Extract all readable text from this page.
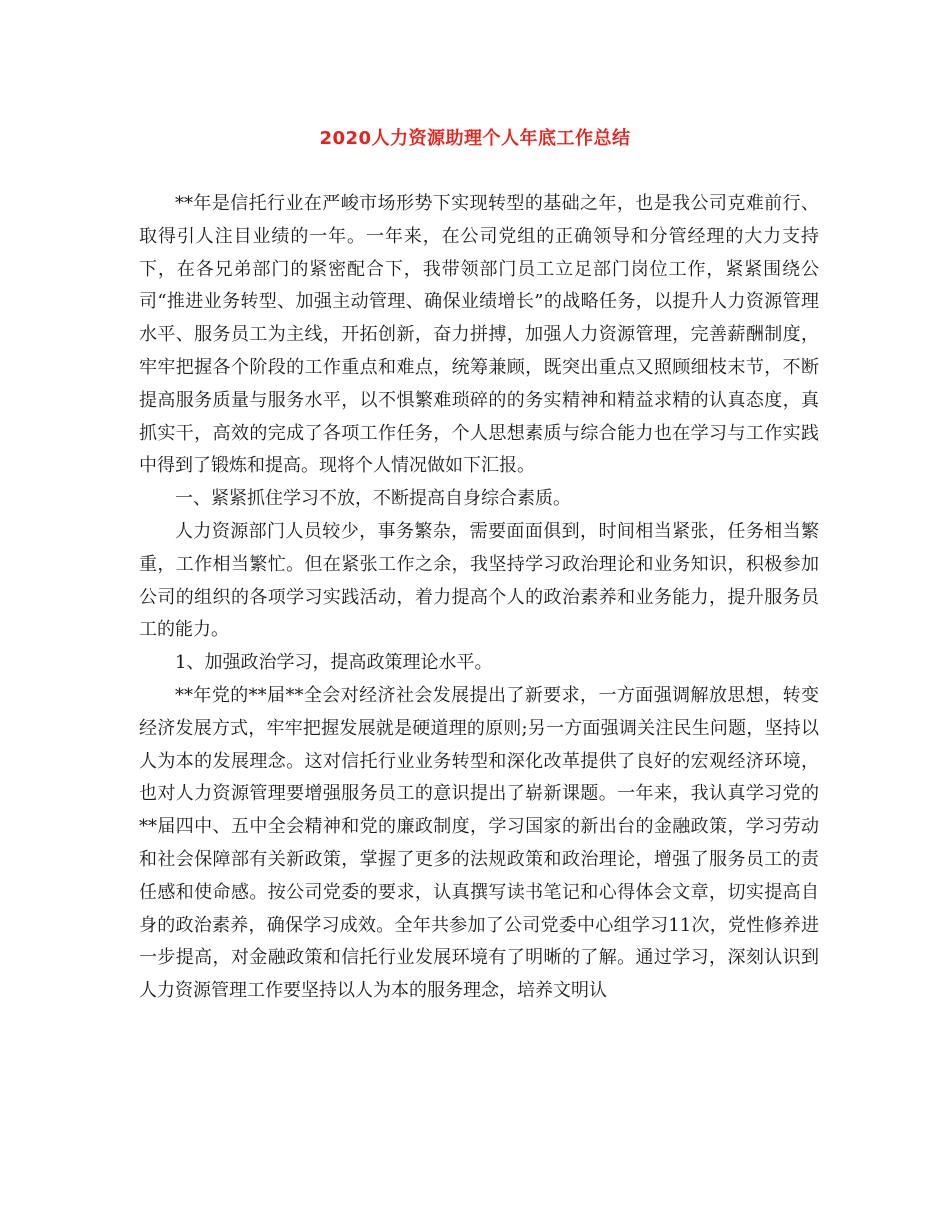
2020人力资源助理个人年底工作总结

**年是信托行业在严峻市场形势下实现转型的基础之年，也是我公司克难前行、取得引人注目业绩的一年。一年来，在公司党组的正确领导和分管经理的大力支持下，在各兄弟部门的紧密配合下，我带领部门员工立足部门岗位工作，紧紧围绕公司“推进业务转型、加强主动管理、确保业绩增长”的战略任务，以提升人力资源管理水平、服务员工为主线，开拓创新，奋力拼搏，加强人力资源管理，完善薪酬制度，牢牢把握各个阶段的工作重点和难点，统筹兼顾，既突出重点又照顾细枝末节，不断提高服务质量与服务水平，以不惧繁难琐碎的的务实精神和精益求精的认真态度，真抓实干，高效的完成了各项工作任务，个人思想素质与综合能力也在学习与工作实践中得到了锻炼和提高。现将个人情况做如下汇报。

一、紧紧抓住学习不放，不断提高自身综合素质。

人力资源部门人员较少，事务繁杂，需要面面俱到，时间相当紧张，任务相当繁重，工作相当繁忙。但在紧张工作之余，我坚持学习政治理论和业务知识，积极参加公司的组织的各项学习实践活动，着力提高个人的政治素养和业务能力，提升服务员工的能力。

1、加强政治学习，提高政策理论水平。

**年党的**届**全会对经济社会发展提出了新要求，一方面强调解放思想，转变经济发展方式，牢牢把握发展就是硬道理的原则;另一方面强调关注民生问题，坚持以人为本的发展理念。这对信托行业业务转型和深化改革提供了良好的宏观经济环境，也对人力资源管理要增强服务员工的意识提出了崭新课题。一年来，我认真学习党的**届四中、五中全会精神和党的廉政制度，学习国家的新出台的金融政策，学习劳动和社会保障部有关新政策，掌握了更多的法规政策和政治理论，增强了服务员工的责任感和使命感。按公司党委的要求，认真撰写读书笔记和心得体会文章，切实提高自身的政治素养，确保学习成效。全年共参加了公司党委中心组学习11次，党性修养进一步提高，对金融政策和信托行业发展环境有了明晰的了解。通过学习，深刻认识到人力资源管理工作要坚持以人为本的服务理念，培养文明认
